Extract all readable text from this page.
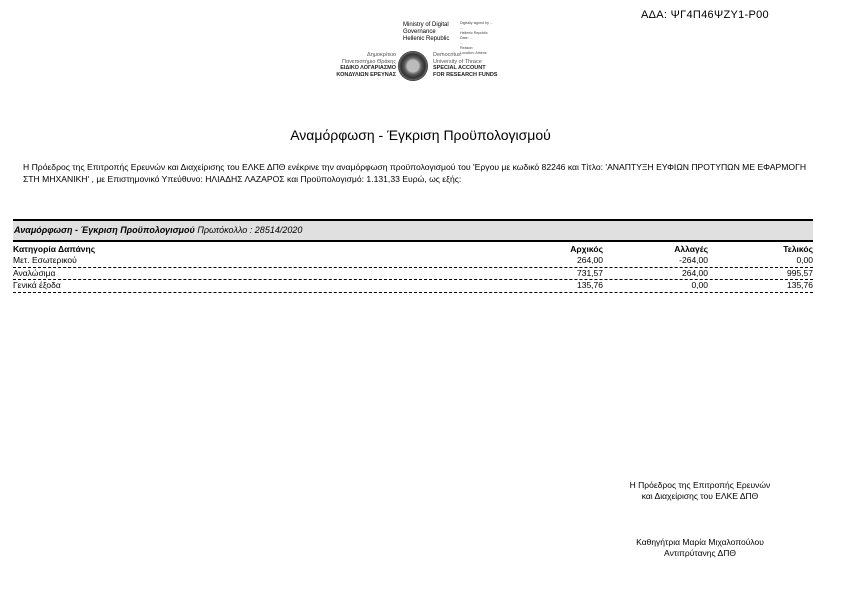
ΑΔΑ: ΨΓ4Π46ΨΖΥ1-Ρ00
Ministry of Digital
Governance
Hellenic Republic
Digitally signed by ...
...
Hellenic Republic
Date: ...
...
Reason:
Location: Athens
Δημοκρίτειο
Πανεπιστήμιο Θράκης
ΕΙΔΙΚΟ ΛΟΓΑΡΙΑΣΜΟ
ΚΟΝΔΥΛΙΩΝ ΕΡΕΥΝΑΣ
Democritus
University of Thrace
SPECIAL ACCOUNT
FOR RESEARCH FUNDS
Αναμόρφωση - Έγκριση Προϋπολογισμού
Η Πρόεδρος της Επιτροπής Ερευνών και Διαχείρισης του ΕΛΚΕ ΔΠΘ ενέκρινε την αναμόρφωση προϋπολογισμού του 'Εργου με κωδικό 82246 και Τίτλο: 'ΑΝΑΠΤΥΞΗ ΕΥΦΙΩΝ ΠΡΟΤΥΠΩΝ ΜΕ ΕΦΑΡΜΟΓΗ ΣΤΗ ΜΗΧΑΝΙΚΗ' , με Επιστημονικό Υπεύθυνο: ΗΛΙΑΔΗΣ ΛΑΖΑΡΟΣ και Προϋπολογισμό: 1.131,33 Ευρώ, ως εξής:
Αναμόρφωση - Έγκριση Προϋπολογισμού Πρωτόκολλο : 28514/2020
Κατηγορία Δαπάνης	Αρχικός	Αλλαγές	Τελικός
Μετ. Εσωτερικού	264,00	-264,00	0,00
Αναλώσιμα	731,57	264,00	995,57
Γενικά έξοδα	135,76	0,00	135,76
Η Πρόεδρος της Επιτροπής Ερευνών
και Διαχείρισης του ΕΛΚΕ ΔΠΘ
Καθηγήτρια Μαρία Μιχαλοπούλου
Αντιπρύτανης ΔΠΘ
